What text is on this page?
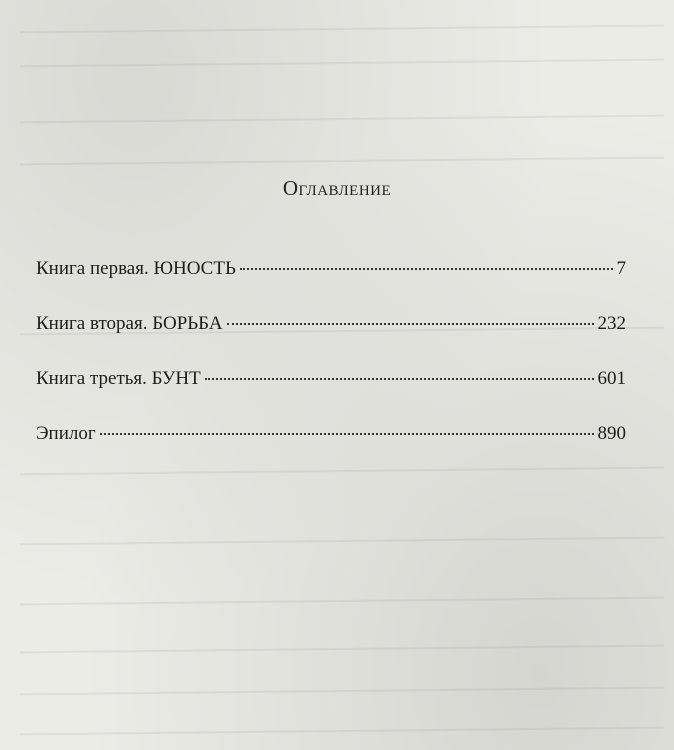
Оглавление
Книга первая. ЮНОСТЬ	7
Книга вторая. БОРЬБА	232
Книга третья. БУНТ	601
Эпилог	890
